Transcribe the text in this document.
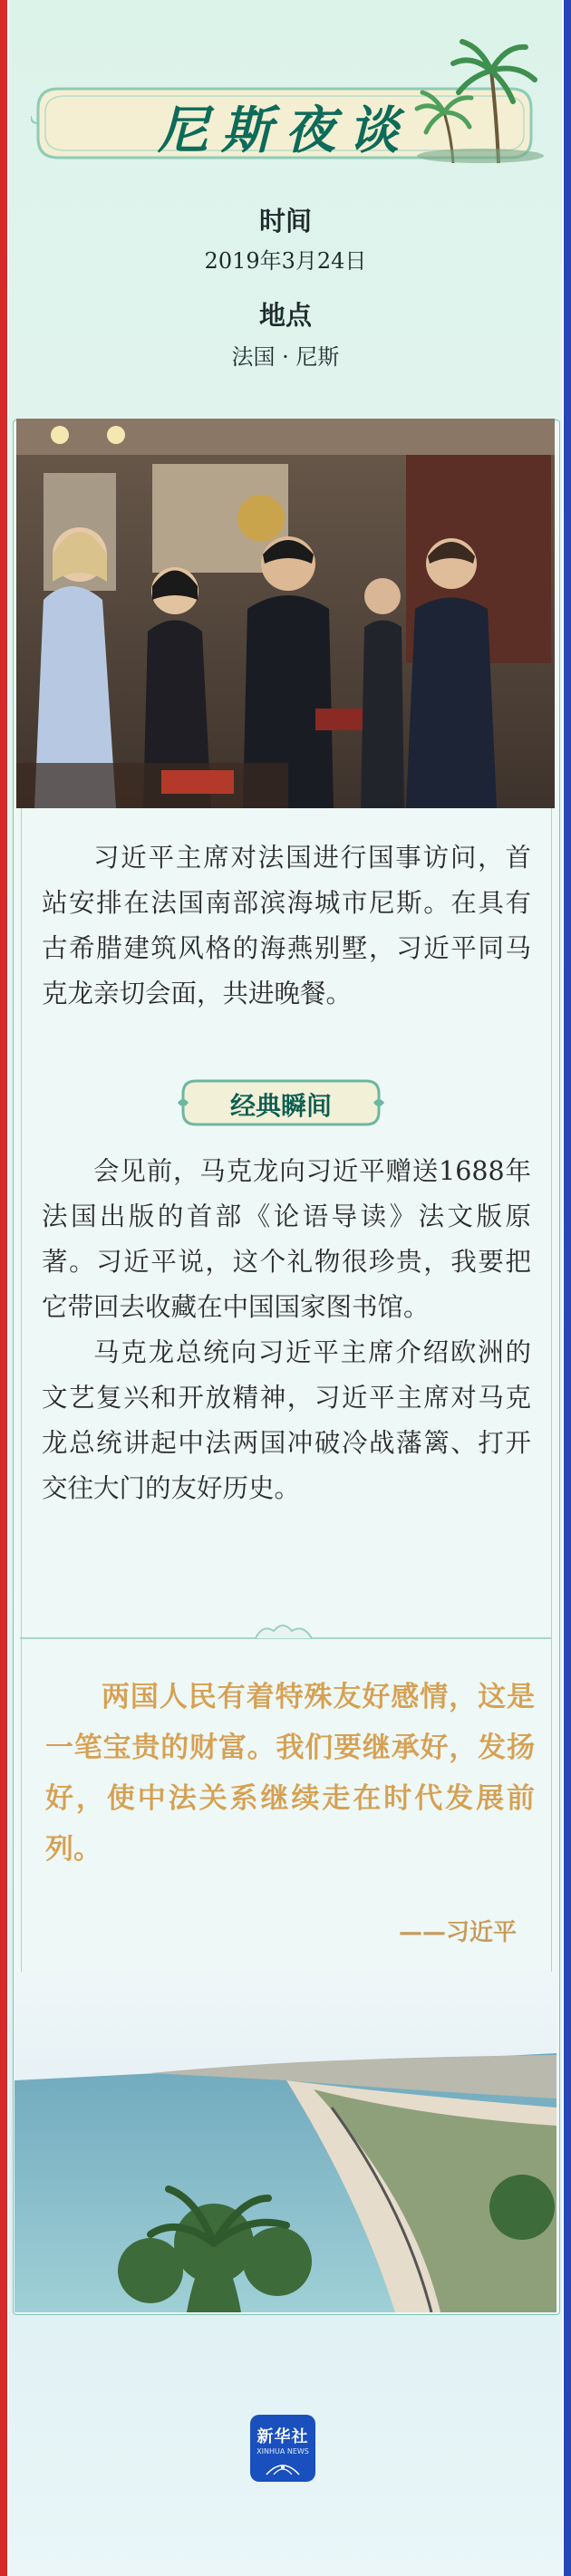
尼斯夜谈
时间
2019年3月24日
地点
法国 · 尼斯

习近平主席对法国进行国事访问，首站安排在法国南部滨海城市尼斯。在具有古希腊建筑风格的海燕别墅，习近平同马克龙亲切会面，共进晚餐。

经典瞬间

会见前，马克龙向习近平赠送1688年法国出版的首部《论语导读》法文版原著。习近平说，这个礼物很珍贵，我要把它带回去收藏在中国国家图书馆。

马克龙总统向习近平主席介绍欧洲的文艺复兴和开放精神，习近平主席对马克龙总统讲起中法两国冲破冷战藩篱、打开交往大门的友好历史。

两国人民有着特殊友好感情，这是一笔宝贵的财富。我们要继承好，发扬好，使中法关系继续走在时代发展前列。

——习近平
新华社
XINHUA NEWS
